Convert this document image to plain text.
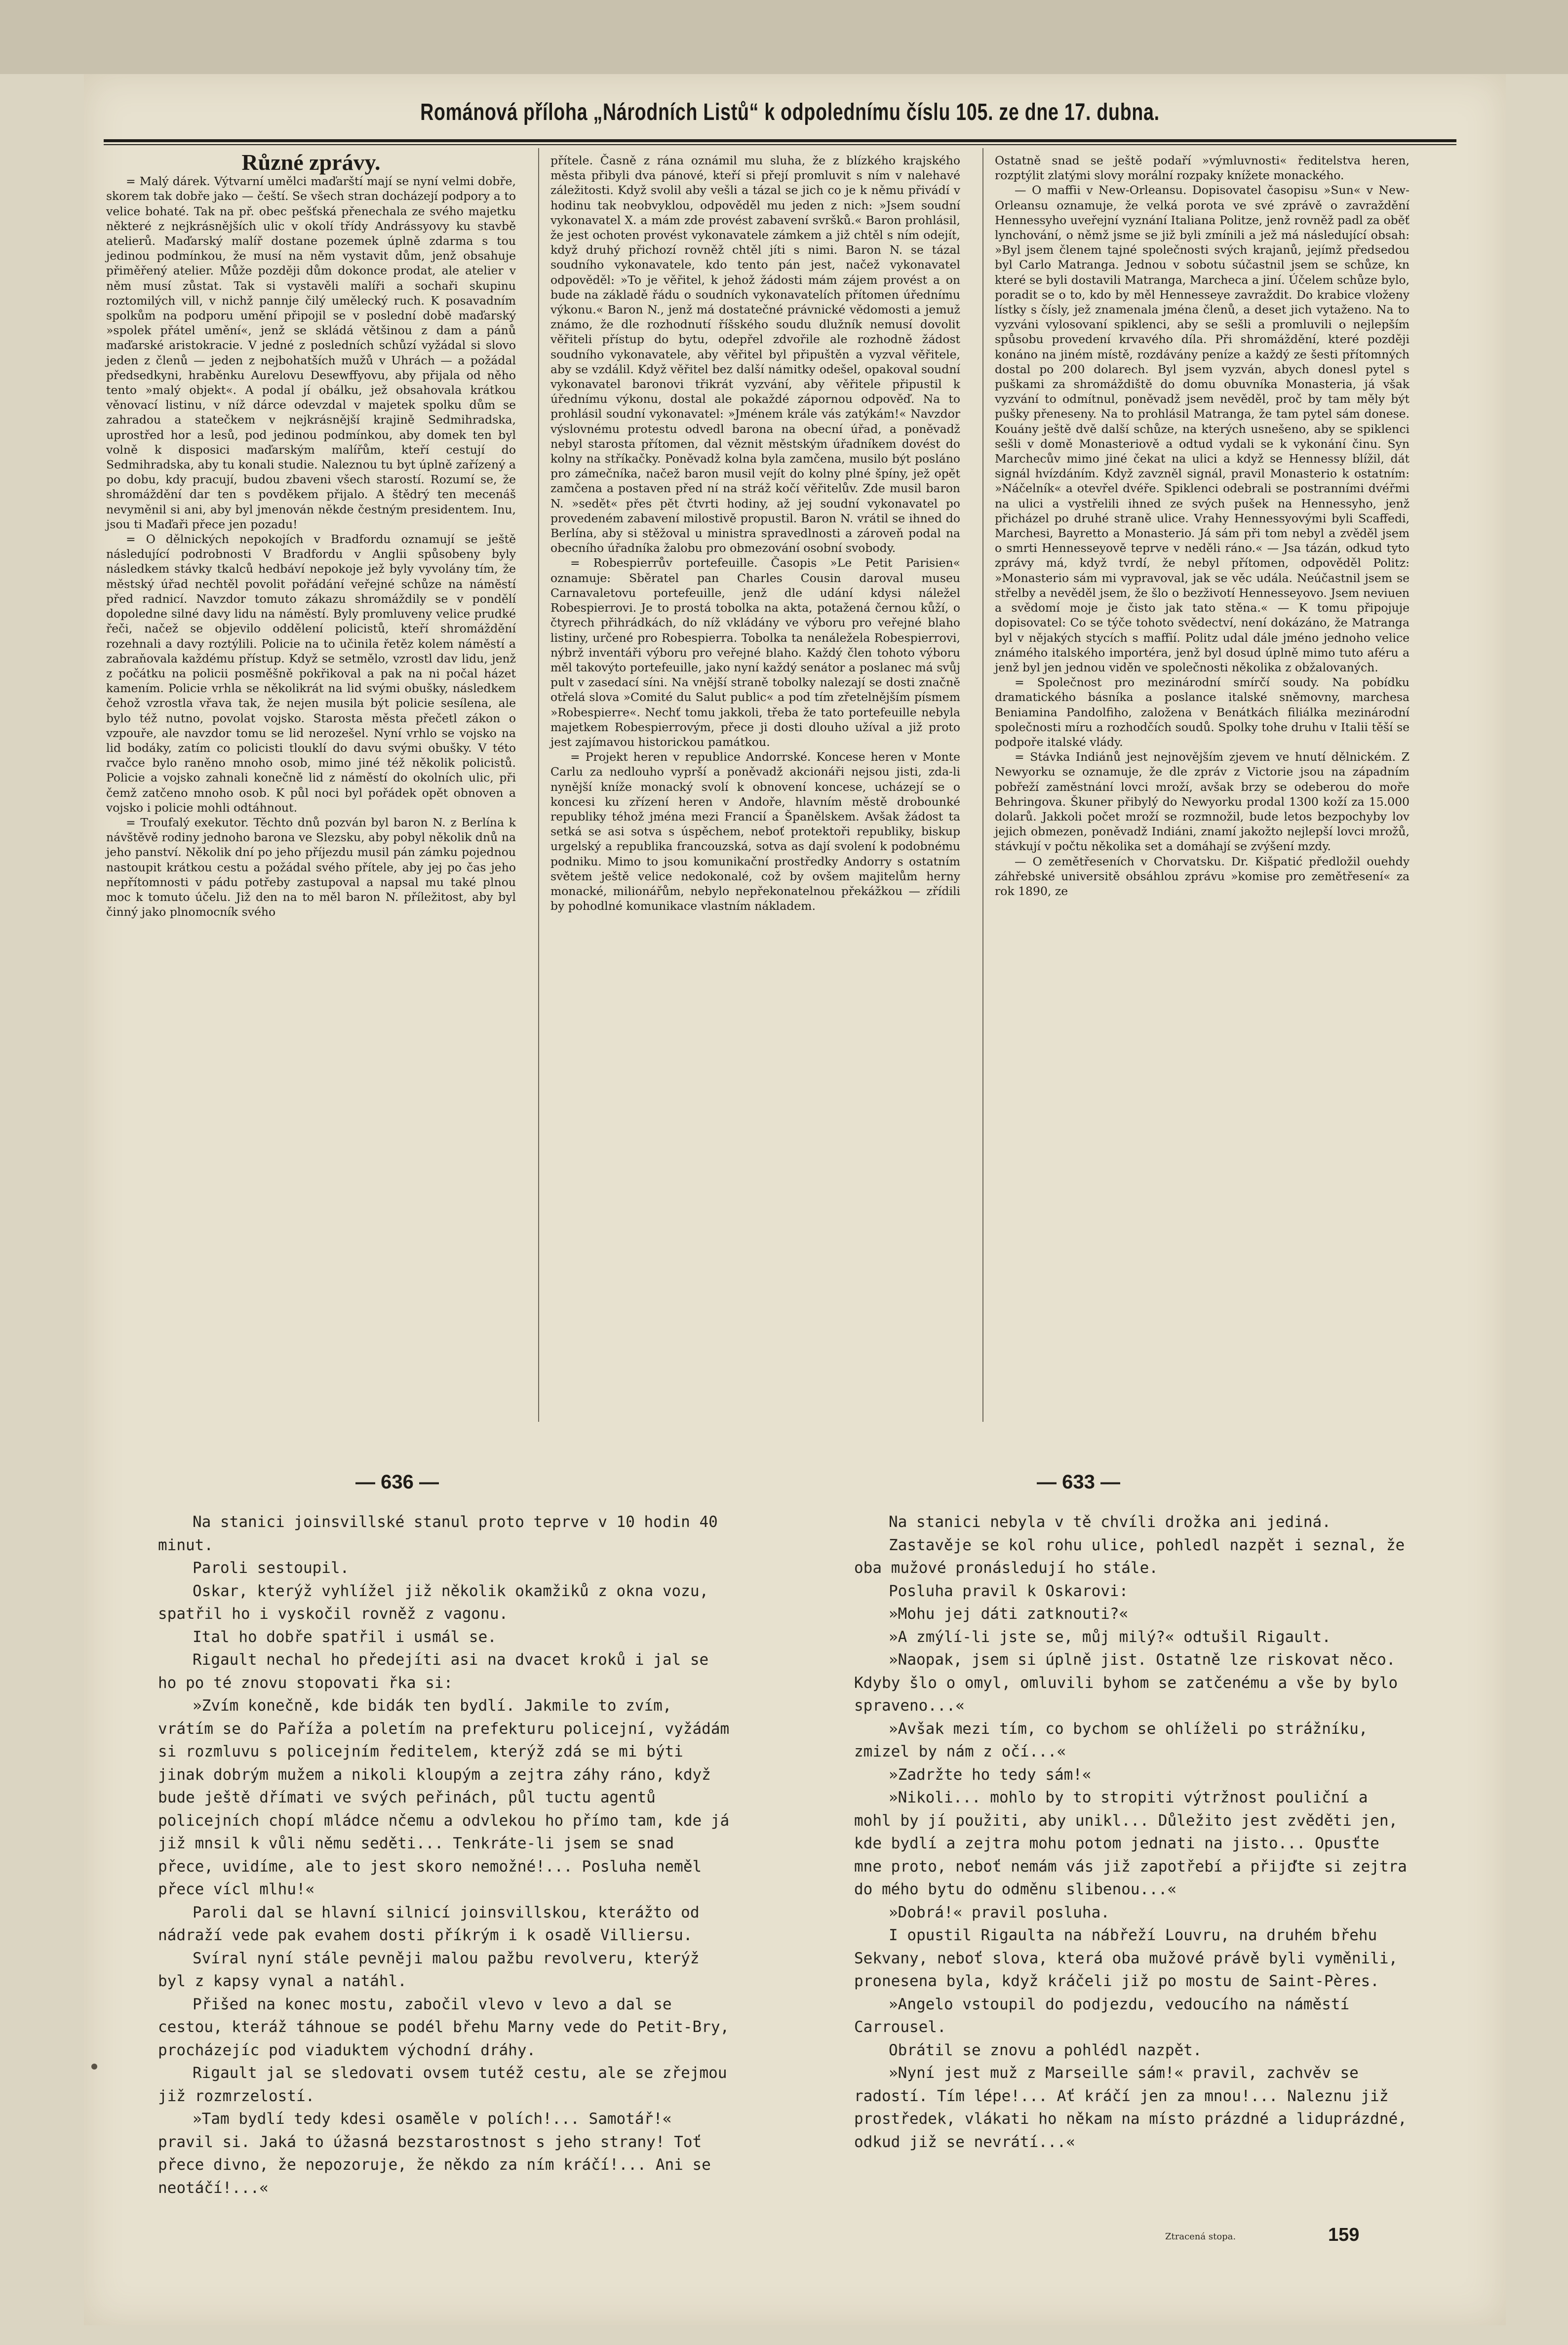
Románová příloha „Národních Listů“ k odpolednímu číslu 105. ze dne 17. dubna.

Různé zprávy.

= Malý dárek. Výtvarní umělci maďarští mají se nyní velmi dobře, skorem tak dobře jako — čeští. Se všech stran docházejí podpory a to velice bohaté. Tak na př. obec pešťská přenechala ze svého majetku některé z nejkrásnějších ulic v okolí třídy Andrássyovy ku stavbě atelierů. Maďarský malíř dostane pozemek úplně zdarma s tou jedinou podmínkou, že musí na něm vystavit dům, jenž obsahuje přiměřený atelier. Může později dům dokonce prodat, ale atelier v něm musí zůstat. Tak si vystavěli malíři a sochaři skupinu roztomilých vill, v nichž pannje čilý umělecký ruch. K posavadním spolkům na podporu umění připojil se v poslední době maďarský »spolek přátel umění«, jenž se skládá většinou z dam a pánů maďarské aristokracie. V jedné z posledních schůzí vyžádal si slovo jeden z členů — jeden z nejbohatších mužů v Uhrách — a požádal předsedkyni, hraběnku Aurelovu Desewffyovu, aby přijala od něho tento »malý objekt«. A podal jí obálku, jež obsahovala krátkou věnovací listinu, v níž dárce odevzdal v majetek spolku dům se zahradou a statečkem v nejkrásnější krajině Sedmihradska, uprostřed hor a lesů, pod jedinou podmínkou, aby domek ten byl volně k disposici maďarským malířům, kteří cestují do Sedmihradska, aby tu konali studie. Naleznou tu byt úplně zařízený a po dobu, kdy pracují, budou zbaveni všech starostí. Rozumí se, že shromáždění dar ten s povděkem přijalo. A štědrý ten mecenáš nevyměnil si ani, aby byl jmenován někde čestným presidentem. Inu, jsou ti Maďaři přece jen pozadu!

= O dělnických nepokojích v Bradfordu oznamují se ještě následující podrobnosti V Bradfordu v Anglii spůsobeny byly následkem stávky tkalců hedbáví nepokoje jež byly vyvolány tím, že městský úřad nechtěl povolit pořádání veřejné schůze na náměstí před radnicí. Navzdor tomuto zákazu shromáždily se v pondělí dopoledne silné davy lidu na náměstí. Byly promluveny velice prudké řeči, načež se objevilo oddělení policistů, kteří shromáždění rozehnali a davy roztýlili. Policie na to učinila řetěz kolem náměstí a zabraňovala každému přístup. Když se setmělo, vzrostl dav lidu, jenž z počátku na policii posměšně pokřikoval a pak na ni počal házet kamením. Policie vrhla se několikrát na lid svými obušky, následkem čehož vzrostla vřava tak, že nejen musila být policie sesílena, ale bylo též nutno, povolat vojsko. Starosta města přečetl zákon o vzpouře, ale navzdor tomu se lid nerozešel. Nyní vrhlo se vojsko na lid bodáky, zatím co policisti tlouklí do davu svými obušky. V této rvačce bylo raněno mnoho osob, mimo jiné též několik policistů. Policie a vojsko zahnali konečně lid z náměstí do okolních ulic, při čemž zatčeno mnoho osob. K půl noci byl pořádek opět obnoven a vojsko i policie mohli odtáhnout.

= Troufalý exekutor. Těchto dnů pozván byl baron N. z Berlína k návštěvě rodiny jednoho barona ve Slezsku, aby pobyl několik dnů na jeho panství. Několik dní po jeho příjezdu musil pán zámku pojednou nastoupit krátkou cestu a požádal svého přítele, aby jej po čas jeho nepřítomnosti v pádu potřeby zastupoval a napsal mu také plnou moc k tomuto účelu. Již den na to měl baron N. příležitost, aby byl činný jako plnomocník svého

přítele. Časně z rána oznámil mu sluha, že z blízkého krajského města přibyli dva pánové, kteří si přejí promluvit s ním v nalehavé záležitosti. Když svolil aby vešli a tázal se jich co je k němu přivádí v hodinu tak neobvyklou, odpověděl mu jeden z nich: »Jsem soudní vykonavatel X. a mám zde provést zabavení svršků.« Baron prohlásil, že jest ochoten provést vykonavatele zámkem a již chtěl s ním odejít, když druhý přichozí rovněž chtěl jíti s nimi. Baron N. se tázal soudního vykonavatele, kdo tento pán jest, načež vykonavatel odpověděl: »To je věřitel, k jehož žádosti mám zájem provést a on bude na základě řádu o soudních vykonavatelích přítomen úřednímu výkonu.« Baron N., jenž má dostatečné právnické vědomosti a jemuž známo, že dle rozhodnutí říšského soudu dlužník nemusí dovolit věřiteli přístup do bytu, odepřel zdvořile ale rozhodně žádost soudního vykonavatele, aby věřitel byl připuštěn a vyzval věřitele, aby se vzdálil. Když věřitel bez další námitky odešel, opakoval soudní vykonavatel baronovi třikrát vyzvání, aby věřitele připustil k úřednímu výkonu, dostal ale pokaždé zápornou odpověď. Na to prohlásil soudní vykonavatel: »Jménem krále vás zatýkám!« Navzdor výslovnému protestu odvedl barona na obecní úřad, a poněvadž nebyl starosta přítomen, dal věznit městským úřadníkem dovést do kolny na stříkačky. Poněvadž kolna byla zamčena, musilo být posláno pro zámečníka, načež baron musil vejít do kolny plné špíny, jež opět zamčena a postaven před ní na stráž kočí věřitelův. Zde musil baron N. »sedět« přes pět čtvrti hodiny, až jej soudní vykonavatel po provedeném zabavení milostivě propustil. Baron N. vrátil se ihned do Berlína, aby si stěžoval u ministra spravedlnosti a zároveň podal na obecního úřadníka žalobu pro obmezování osobní svobody.

= Robespierrův portefeuille. Časopis »Le Petit Parisien« oznamuje: Sběratel pan Charles Cousin daroval museu Carnavaletovu portefeuille, jenž dle udání kdysi náležel Robespierrovi. Je to prostá tobolka na akta, potažená černou kůží, o čtyrech přihrádkách, do níž vkládány ve výboru pro veřejné blaho listiny, určené pro Robespierra. Tobolka ta nenáležela Robespierrovi, nýbrž inventáři výboru pro veřejné blaho. Každý člen tohoto výboru měl takovýto portefeuille, jako nyní každý senátor a poslanec má svůj pult v zasedací síni. Na vnější straně tobolky nalezají se dosti značně otřelá slova »Comité du Salut public« a pod tím zřetelnějším písmem »Robespierre«. Nechť tomu jakkoli, třeba že tato portefeuille nebyla majetkem Robespierrovým, přece ji dosti dlouho užíval a již proto jest zajímavou historickou památkou.

= Projekt heren v republice Andorrské. Koncese heren v Monte Carlu za nedlouho vyprší a poněvadž akcionáři nejsou jisti, zda-li nynější kníže monacký svolí k obnovení koncese, ucházejí se o koncesi ku zřízení heren v Andoře, hlavním městě drobounké republiky téhož jména mezi Francií a Španělskem. Avšak žádost ta setká se asi sotva s úspěchem, neboť protektoři republiky, biskup urgelský a republika francouzská, sotva as dají svolení k podobnému podniku. Mimo to jsou komunikační prostředky Andorry s ostatním světem ještě velice nedokonalé, což by ovšem majitelům herny monacké, milionářům, nebylo nepřekonatelnou překážkou — zřídili by pohodlné komunikace vlastním nákladem.

Ostatně snad se ještě podaří »výmluvnosti« ředitelstva heren, rozptýlit zlatými slovy morální rozpaky knížete monackého.

— O maffii v New-Orleansu. Dopisovatel časopisu »Sun« v New-Orleansu oznamuje, že velká porota ve své zprávě o zavraždění Hennessyho uveřejní vyznání Italiana Politze, jenž rovněž padl za oběť lynchování, o němž jsme se již byli zmínili a jež má následující obsah: »Byl jsem členem tajné společnosti svých krajanů, jejímž předsedou byl Carlo Matranga. Jednou v sobotu súčastnil jsem se schůze, kn které se byli dostavili Matranga, Marcheca a jiní. Účelem schůze bylo, poradit se o to, kdo by měl Hennesseye zavraždit. Do krabice vloženy lístky s čísly, jež znamenala jména členů, a deset jich vytaženo. Na to vyzváni vylosovaní spiklenci, aby se sešli a promluvili o nejlepším spůsobu provedení krvavého díla. Při shromáždění, které později konáno na jiném místě, rozdávány peníze a každý ze šesti přítomných dostal po 200 dolarech. Byl jsem vyzván, abych donesl pytel s puškami za shromáždiště do domu obuvníka Monasteria, já však vyzvání to odmítnul, poněvadž jsem nevěděl, proč by tam měly být pušky přeneseny. Na to prohlásil Matranga, že tam pytel sám donese. Kouány ještě dvě další schůze, na kterých usnešeno, aby se spiklenci sešli v domě Monasteriově a odtud vydali se k vykonání činu. Syn Marchecův mimo jiné čekat na ulici a když se Hennessy blížil, dát signál hvízdáním. Když zavzněl signál, pravil Monasterio k ostatním: »Náčelník« a otevřel dvéře. Spiklenci odebrali se postranními dvéřmi na ulici a vystřelili ihned ze svých pušek na Hennessyho, jenž přicházel po druhé straně ulice. Vrahy Hennessyovými byli Scaffedi, Marchesi, Bayretto a Monasterio. Já sám při tom nebyl a zvěděl jsem o smrti Hennesseyově teprve v neděli ráno.« — Jsa tázán, odkud tyto zprávy má, když tvrdí, že nebyl přítomen, odpověděl Politz: »Monasterio sám mi vypravoval, jak se věc udála. Neúčastnil jsem se střelby a nevěděl jsem, že šlo o bezživotí Hennesseyovo. Jsem neviuen a svědomí moje je čisto jak tato stěna.« — K tomu připojuje dopisovatel: Co se týče tohoto svědectví, není dokázáno, že Matranga byl v nějakých stycích s maffií. Politz udal dále jméno jednoho velice známého italského importéra, jenž byl dosud úplně mimo tuto aféru a jenž byl jen jednou viděn ve společnosti několika z obžalovaných.

= Společnost pro mezinárodní smírčí soudy. Na pobídku dramatického básníka a poslance italské sněmovny, marchesa Beniamina Pandolfiho, založena v Benátkách filiálka mezinárodní společnosti míru a rozhodčích soudů. Spolky tohe druhu v Italii těší se podpoře italské vlády.

= Stávka Indiánů jest nejnovějším zjevem ve hnutí dělnickém. Z Newyorku se oznamuje, že dle zpráv z Victorie jsou na západním pobřeží zaměstnání lovci mroží, avšak brzy se odeberou do moře Behringova. Škuner přibylý do Newyorku prodal 1300 koží za 15.000 dolarů. Jakkoli počet mroží se rozmnožil, bude letos bezpochyby lov jejich obmezen, poněvadž Indiáni, znamí jakožto nejlepší lovci mrožů, stávkují v počtu několika set a domáhají se zvýšení mzdy.

— O zemětřeseních v Chorvatsku. Dr. Kišpatić předložil ouehdy záhřebské universitě obsáhlou zprávu »komise pro zemětřesení« za rok 1890, ze

— 636 —	— 633 —

Na stanici joinsvillské stanul proto teprve v 10 hodin 40 minut.

Paroli sestoupil.

Oskar, kterýž vyhlížel již několik okamžiků z okna vozu, spatřil ho i vyskočil rovněž z vagonu.

Ital ho dobře spatřil i usmál se.

Rigault nechal ho předejíti asi na dvacet kroků i jal se ho po té znovu stopovati řka si:

»Zvím konečně, kde bidák ten bydlí. Jakmile to zvím, vrátím se do Paříža a poletím na prefekturu policejní, vyžádám si rozmluvu s policejním ředitelem, kterýž zdá se mi býti jinak dobrým mužem a nikoli kloupým a zejtra záhy ráno, když bude ještě dřímati ve svých peřinách, půl tuctu agentů policejních chopí mládce nčemu a odvlekou ho přímo tam, kde já již mnsil k vůli němu seděti... Tenkráte-li jsem se snad přece, uvidíme, ale to jest skoro nemožné!... Posluha neměl přece vícl mlhu!«

Paroli dal se hlavní silnicí joinsvillskou, kterážto od nádraží vede pak evahem dosti příkrým i k osadě Villiersu.

Svíral nyní stále pevněji malou pažbu revolveru, kterýž byl z kapsy vynal a natáhl.

Přišed na konec mostu, zabočil vlevo v levo a dal se cestou, kteráž táhnoue se podél břehu Marny vede do Petit-Bry, procházejíc pod viaduktem východní dráhy.

Rigault jal se sledovati ovsem tutéž cestu, ale se zřejmou již rozmrzelostí.

»Tam bydlí tedy kdesi osaměle v polích!... Samotář!« pravil si. Jaká to úžasná bezstarostnost s jeho strany! Toť přece divno, že nepozoruje, že někdo za ním kráčí!... Ani se neotáčí!...«

Na stanici nebyla v tě chvíli drožka ani jediná.

Zastavěje se kol rohu ulice, pohledl nazpět i seznal, že oba mužové pronásledují ho stále.

Posluha pravil k Oskarovi:

»Mohu jej dáti zatknouti?«

»A zmýlí-li jste se, můj milý?« odtušil Rigault.

»Naopak, jsem si úplně jist. Ostatně lze riskovat něco. Kdyby šlo o omyl, omluvili byhom se zatčenému a vše by bylo spraveno...«

»Avšak mezi tím, co bychom se ohlíželi po strážníku, zmizel by nám z očí...«

»Zadržte ho tedy sám!«

»Nikoli... mohlo by to stropiti výtržnost pouliční a mohl by jí použiti, aby unikl... Důležito jest zvěděti jen, kde bydlí a zejtra mohu potom jednati na jisto... Opusťte mne proto, neboť nemám vás již zapotřebí a přijďte si zejtra do mého bytu do odměnu slibenou...«

»Dobrá!« pravil posluha.

I opustil Rigaulta na nábřeží Louvru, na druhém břehu Sekvany, neboť slova, která oba mužové právě byli vyměnili, pronesena byla, když kráčeli již po mostu de Saint-Pères.

»Angelo vstoupil do podjezdu, vedoucího na náměstí Carrousel.

Obrátil se znovu a pohlédl nazpět.

»Nyní jest muž z Marseille sám!« pravil, zachvěv se radostí. Tím lépe!... Ať kráčí jen za mnou!... Naleznu již prostředek, vlákati ho někam na místo prázdné a liduprázdné, odkud již se nevrátí...«

Ztracená stopa.	159
